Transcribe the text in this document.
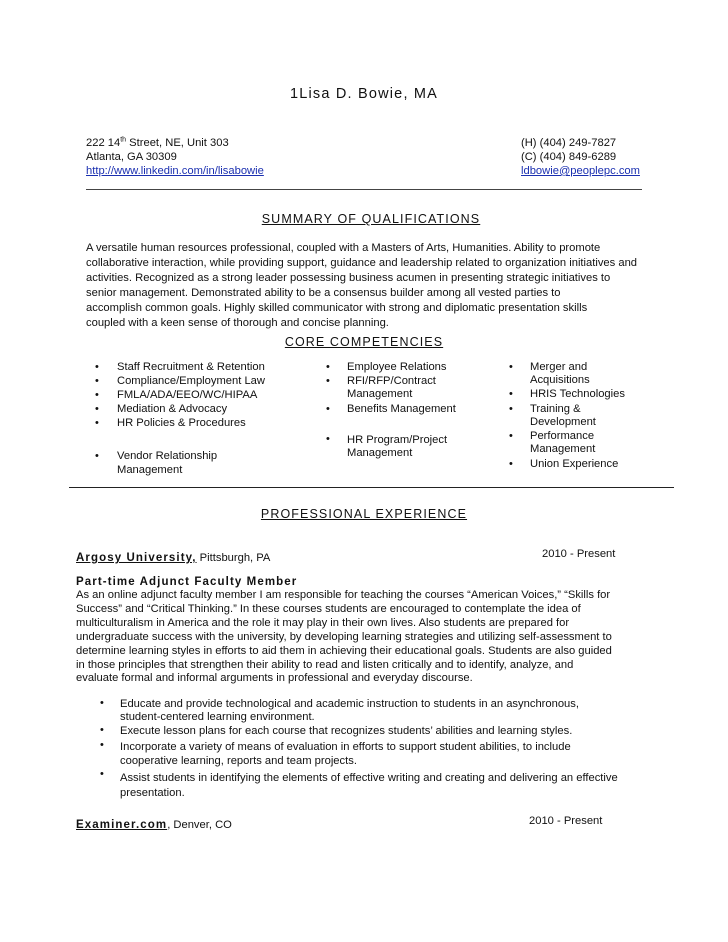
1Lisa D. Bowie, MA
222 14th Street, NE, Unit 303
Atlanta, GA 30309
http://www.linkedin.com/in/lisabowie
(H) (404) 249-7827
(C) (404) 849-6289
ldbowie@peoplepc.com
SUMMARY OF QUALIFICATIONS
A versatile human resources professional, coupled with a Masters of Arts, Humanities. Ability to promote
collaborative interaction, while providing support, guidance and leadership related to organization initiatives and
activities. Recognized as a strong leader possessing business acumen in presenting strategic initiatives to
senior management. Demonstrated ability to be a consensus builder among all vested parties to
accomplish common goals. Highly skilled communicator with strong and diplomatic presentation skills
coupled with a keen sense of thorough and concise planning.
CORE COMPETENCIES
•
•
•
•
•
•
Staff Recruitment & Retention
Compliance/Employment Law
FMLA/ADA/EEO/WC/HIPAA
Mediation & Advocacy
HR Policies & Procedures
Vendor Relationship
Management
•
•
•
•
Employee Relations
RFI/RFP/Contract
Management
Benefits Management
HR Program/Project
Management
•
•
•
•
•
Merger and
Acquisitions
HRIS Technologies
Training &
Development
Performance
Management
Union Experience
PROFESSIONAL EXPERIENCE
Argosy University, Pittsburgh, PA	2010 - Present
Part-time Adjunct Faculty Member
As an online adjunct faculty member I am responsible for teaching the courses “American Voices,” “Skills for
Success” and “Critical Thinking.” In these courses students are encouraged to contemplate the idea of
multiculturalism in America and the role it may play in their own lives. Also students are prepared for
undergraduate success with the university, by developing learning strategies and utilizing self-assessment to
determine learning styles in efforts to aid them in achieving their educational goals. Students are also guided
in those principles that strengthen their ability to read and listen critically and to identify, analyze, and
evaluate formal and informal arguments in professional and everyday discourse.
•
•
•
•
Educate and provide technological and academic instruction to students in an asynchronous,
student-centered learning environment.
Execute lesson plans for each course that recognizes students’ abilities and learning styles.
Incorporate a variety of means of evaluation in efforts to support student abilities, to include
cooperative learning, reports and team projects.
Assist students in identifying the elements of effective writing and creating and delivering an effective
presentation.
Examiner.com, Denver, CO	2010 - Present
